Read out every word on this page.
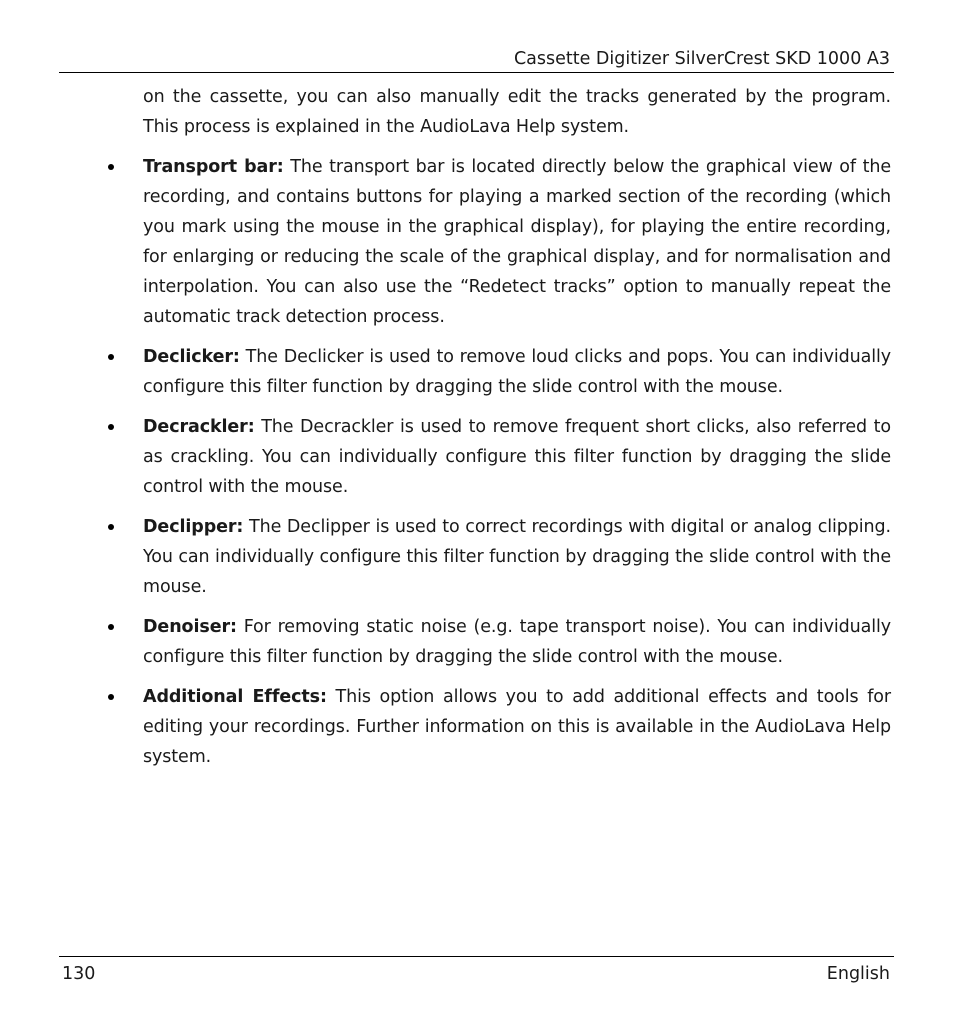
Cassette Digitizer SilverCrest SKD 1000 A3

on the cassette, you can also manually edit the tracks generated by the program. This process is explained in the AudioLava Help system.

Transport bar: The transport bar is located directly below the graphical view of the recording, and contains buttons for playing a marked section of the recording (which you mark using the mouse in the graphical display), for playing the entire recording, for enlarging or reducing the scale of the graphical display, and for normalisation and interpolation. You can also use the “Redetect tracks” option to manually repeat the automatic track detection process.
Declicker: The Declicker is used to remove loud clicks and pops. You can individually configure this filter function by dragging the slide control with the mouse.
Decrackler: The Decrackler is used to remove frequent short clicks, also referred to as crackling. You can individually configure this filter function by dragging the slide control with the mouse.
Declipper: The Declipper is used to correct recordings with digital or analog clipping. You can individually configure this filter function by dragging the slide control with the mouse.
Denoiser: For removing static noise (e.g. tape transport noise). You can individually configure this filter function by dragging the slide control with the mouse.
Additional Effects: This option allows you to add additional effects and tools for editing your recordings. Further information on this is available in the AudioLava Help system.
130	English
